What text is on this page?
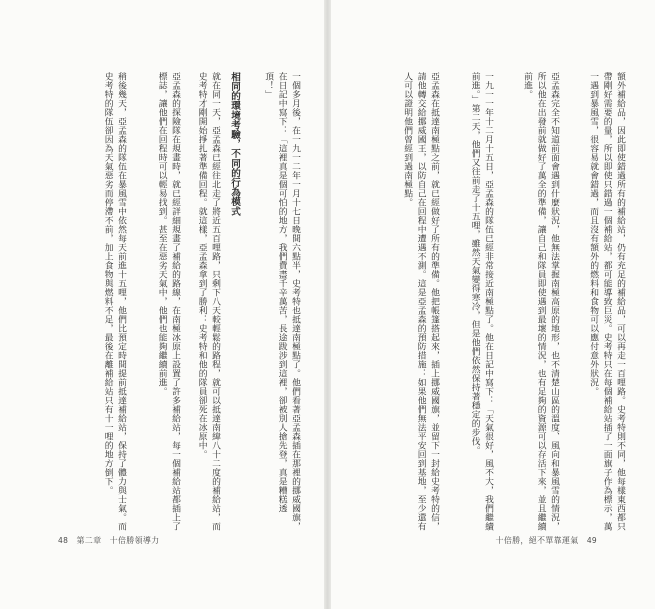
48　 第二章　十倍勝領導力	十倍勝，絕不單靠運氣　 49
額外補給品，因此即使錯過所有的補給站，仍有充足的補給品，可以再走一百哩路。史考特則不同，他每樣東西都只帶剛好需要的量，所以即使只錯過一個補給站，都可能導致巨災。史考特只在每個補給站插了一面旗子作為標示，萬一遇到暴風雪，很容易就會錯過，而且沒有額外的燃料和食物可以應付意外狀況。
亞孟森完全不知道前面會遇到什麼狀況，他無法掌握南極高原的地形，也不清楚山區的溫度、風向和暴風雪的情況，所以他在出發前就做好了萬全的準備，讓自己和隊員即使遇到最壞的情況，也有足夠的資源可以存活下來，並且繼續前進。
一九一一年十二月十五日，亞孟森的隊伍已經非常接近南極點了。他在日記中寫下：「天氣很好，風不大，我們繼續前進。」第二天，他們又往前走了十五哩，雖然天氣變得寒冷，但是他們依然保持著穩定的步伐。
亞孟森在抵達南極點之前，就已經做好了所有的準備。他把帳篷搭起來，插上挪威國旗，並留下一封給史考特的信，請他轉交給挪威國王，以防自己在回程中遭遇不測。這是亞孟森的預防措施：如果他們無法平安回到基地，至少還有人可以證明他們曾經到過南極點。
一個多月後，在一九一二年一月十七日晚間六點半，史考特也抵達南極點了。他們看著亞孟森插在那裡的挪威國旗，在日記中寫下：「這裡真是個可怕的地方，我們費盡千辛萬苦，長途跋涉到這裡，卻被別人搶先登，真是糟糕透頂！」
相同的環境考驗，不同的行為模式
就在同一天，亞孟森已經往北走了將近五百哩路，只剩下八天較輕鬆的路程，就可以抵達南緯八十二度的補給站，而史考特才剛開始掙扎著準備回程。就這樣，亞孟森拿到了勝利：史考特和他的隊員卻死在冰原中。
亞孟森的探險隊在規畫時，就已經詳細規畫了補給的路線，在南極冰原上設置了許多補給站，每一個補給站都插上了標誌，讓他們在回程時可以輕易找到。甚至在惡劣天氣中，他們也能夠繼續前進。
稍後幾天，亞孟森的隊伍在暴風雪中依然每天前進十五哩，他們比預定時間提前抵達補給站，保持了體力與士氣。而史考特的隊伍卻因為天氣惡劣而停滯不前，加上食物與燃料不足，最後在離補給站只有十一哩的地方倒下。
